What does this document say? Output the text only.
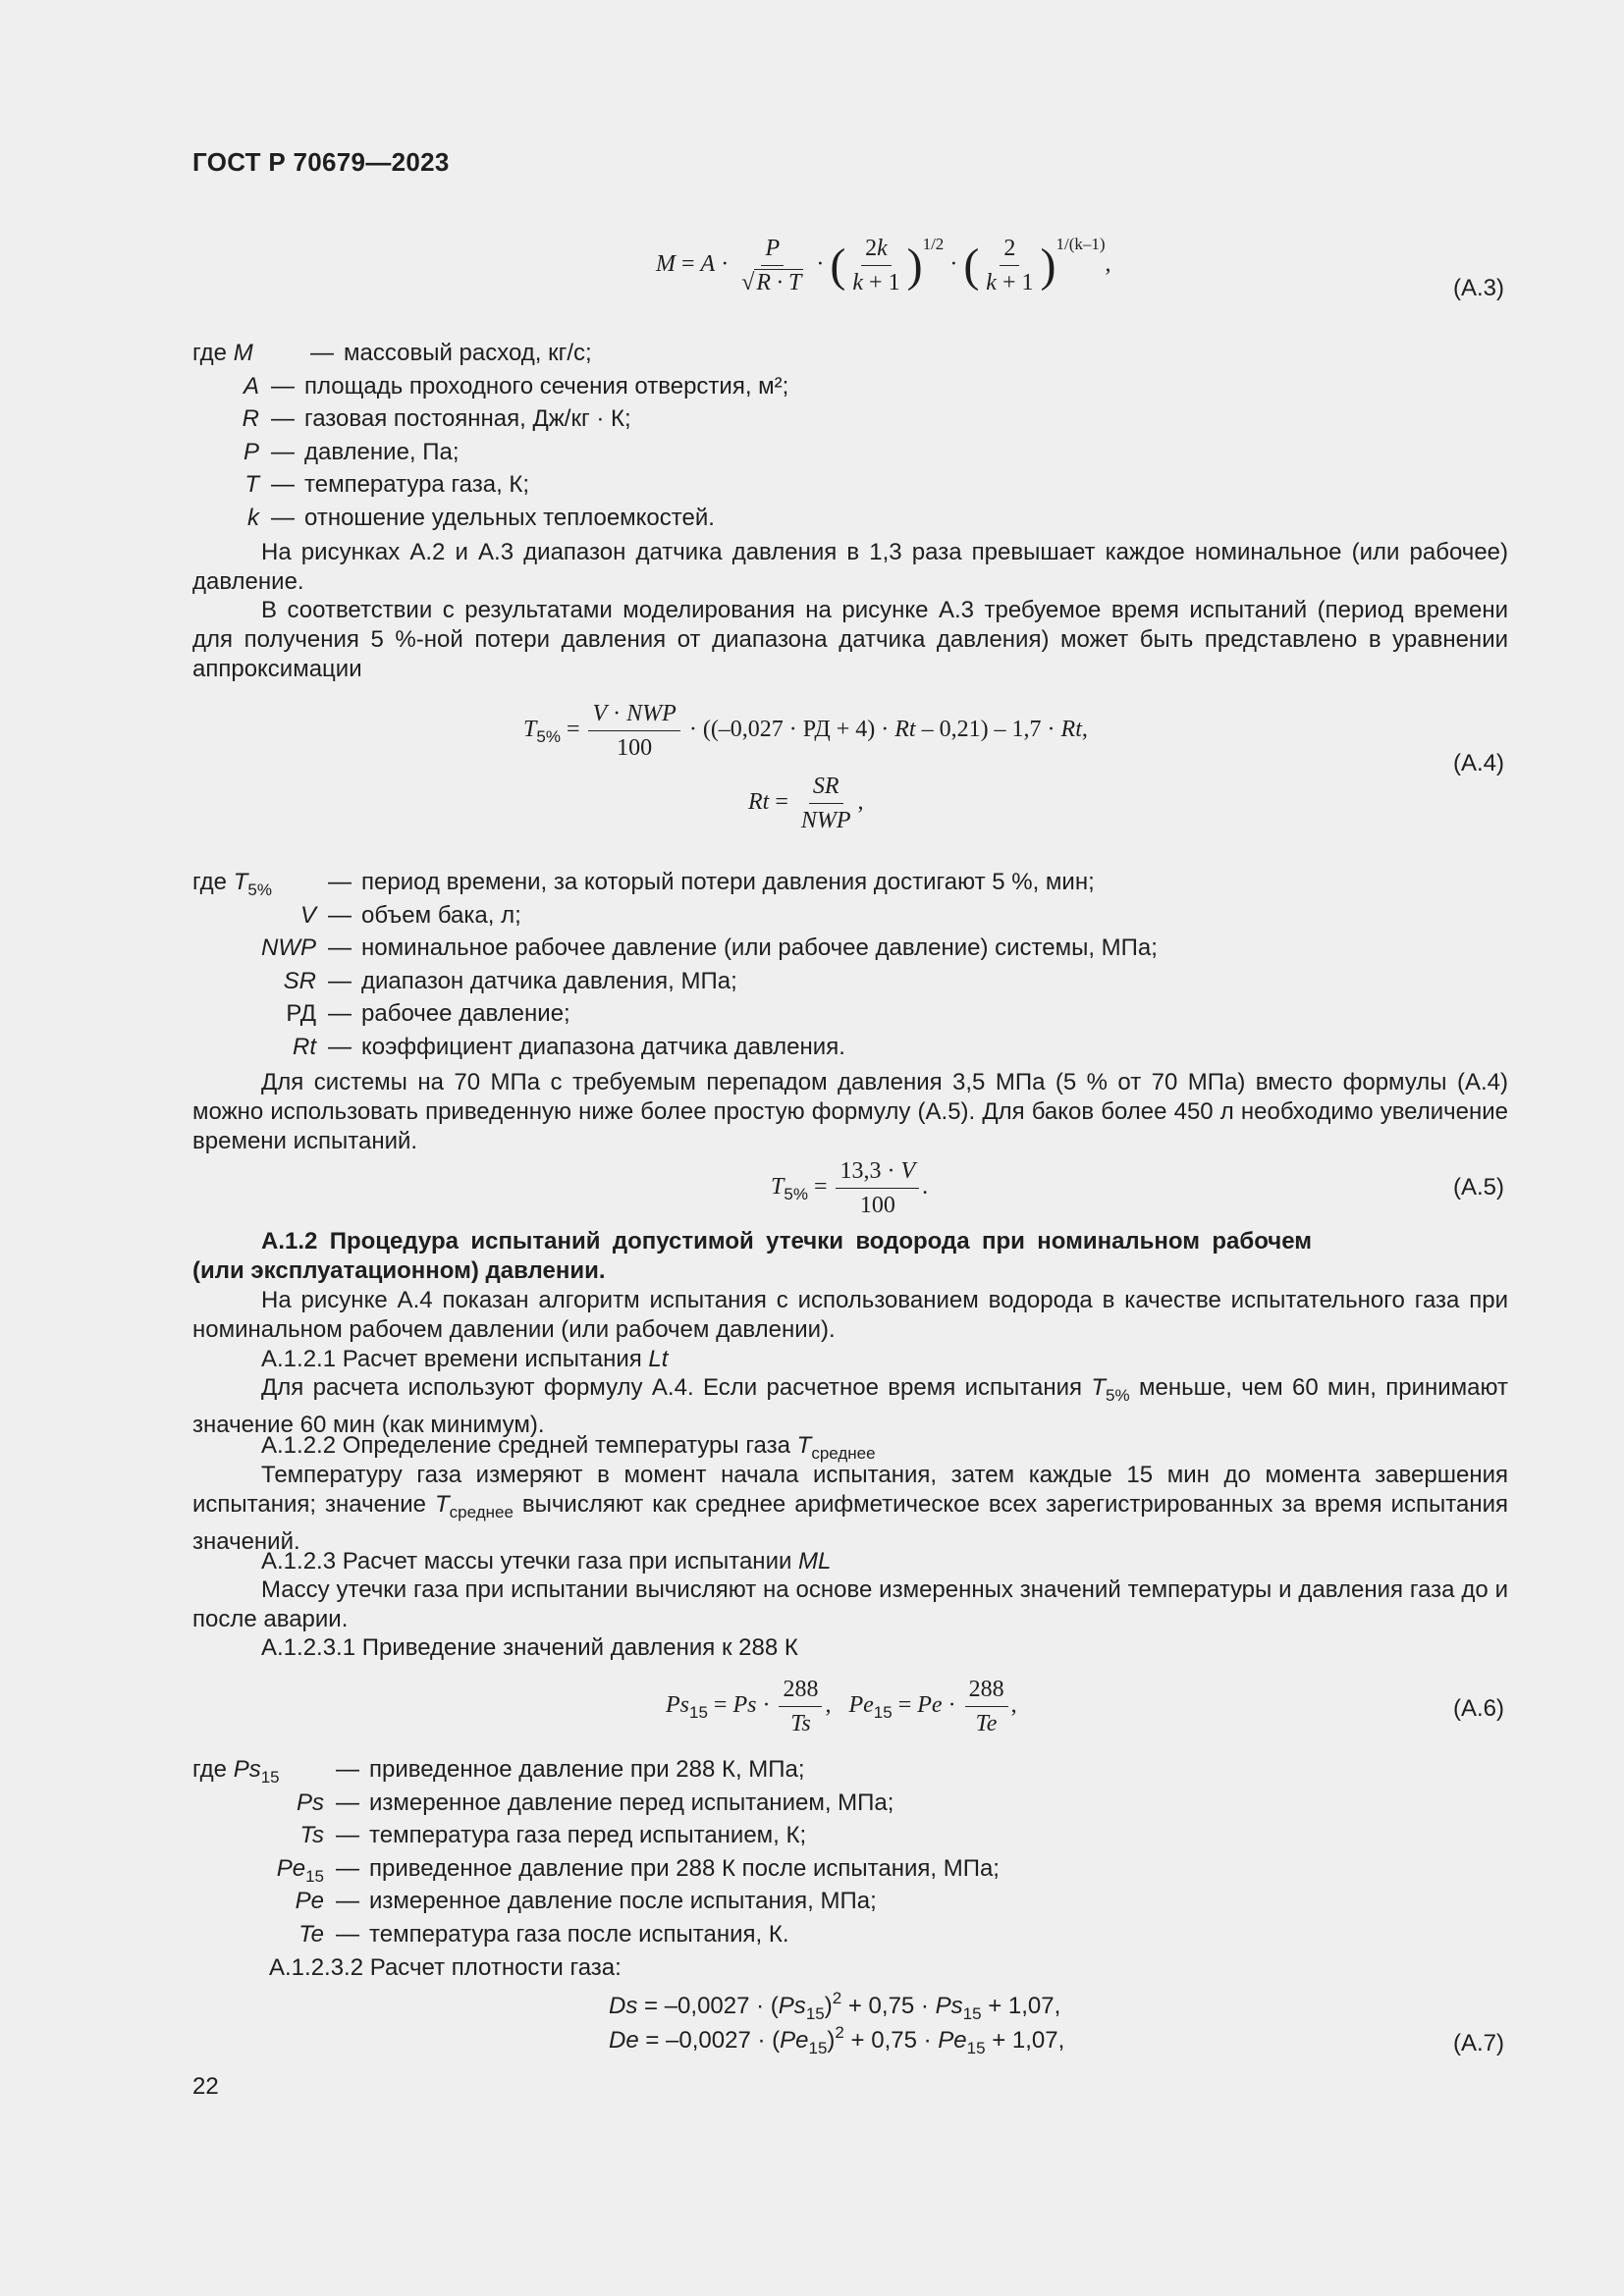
ГОСТ Р 70679—2023
$M = A \cdot \frac{P}{√R \cdot T}$ · ( $\frac{2k}{k + 1} )^{1/2}$ · ( $\frac{2}{k + 1} )^{1/(k-1)}$,
(А.3)
где M	— массовый расход, кг/с;
A — площадь проходного сечения отверстия, м²;
R — газовая постоянная, Дж/кг · К;
P — давление, Па;
T — температура газа, К;
k — отношение удельных теплоемкостей.
На рисунках А.2 и А.3 диапазон датчика давления в 1,3 раза превышает каждое номинальное (или рабочее) давление.
В соответствии с результатами моделирования на рисунке А.3 требуемое время испытаний (период времени для получения 5 %-ной потери давления от диапазона датчика давления) может быть представлено в уравнении аппроксимации
$T_{5\%} = \frac{\text{V · NWP}}{100} \cdot ((-0,027$ · РД + 4) · Rt – 0,21) – 1,7 · Rt,
$Rt = \frac{SR}{\text{NWP}}$ ,
(А.4)
где $T_{5\%}$	— период времени, за который потери давления достигают 5 %, мин;
V — объем бака, л;
NWP — номинальное рабочее давление (или рабочее давление) системы, МПа;
SR — диапазон датчика давления, МПа;
РД — рабочее давление;
Rt — коэффициент диапазона датчика давления.
Для системы на 70 МПа с требуемым перепадом давления 3,5 МПа (5 % от 70 МПа) вместо формулы (А.4) можно использовать приведенную ниже более простую формулу (А.5). Для баков более 450 л необходимо увеличение времени испытаний.
$T_{5\%} = \frac{13,3 \cdot V}{100}$ .	(А.5)
А.1.2 Процедура испытаний допустимой утечки водорода при номинальном рабочем (или эксплуатационном) давлении.
На рисунке А.4 показан алгоритм испытания с использованием водорода в качестве испытательного газа при номинальном рабочем давлении (или рабочем давлении).
А.1.2.1 Расчет времени испытания Lt
Для расчета используют формулу А.4. Если расчетное время испытания $T_{5\%}$ меньше, чем 60 мин, принимают значение 60 мин (как минимум).
А.1.2.2 Определение средней температуры газа $T_{среднее}$
Температуру газа измеряют в момент начала испытания, затем каждые 15 мин до момента завершения испытания; значение $T_{среднее}$ вычисляют как среднее арифметическое всех зарегистрированных за время испытания значений.
А.1.2.3 Расчет массы утечки газа при испытании ML
Массу утечки газа при испытании вычисляют на основе измеренных значений температуры и давления газа до и после аварии.
А.1.2.3.1 Приведение значений давления к 288 К
$Ps_{15} = Ps \cdot \frac{288}{Ts}$ ,   $Pe_{15} = Pe \cdot \frac{288}{Te}$ ,	(А.6)
где $Ps_{15}$	— приведенное давление при 288 К, МПа;
Ps — измеренное давление перед испытанием, МПа;
Ts — температура газа перед испытанием, К;
$Pe_{15}$ — приведенное давление при 288 К после испытания, МПа;
Pe — измеренное давление после испытания, МПа;
Te — температура газа после испытания, К.
А.1.2.3.2 Расчет плотности газа:
$Ds = -0,0027 \cdot (Ps_{15})^2 + 0,75 \cdot Ps_{15} + 1,07$,
$De = -0,0027 \cdot (Pe_{15})^2 + 0,75 \cdot Pe_{15} + 1,07$,	(А.7)
22
